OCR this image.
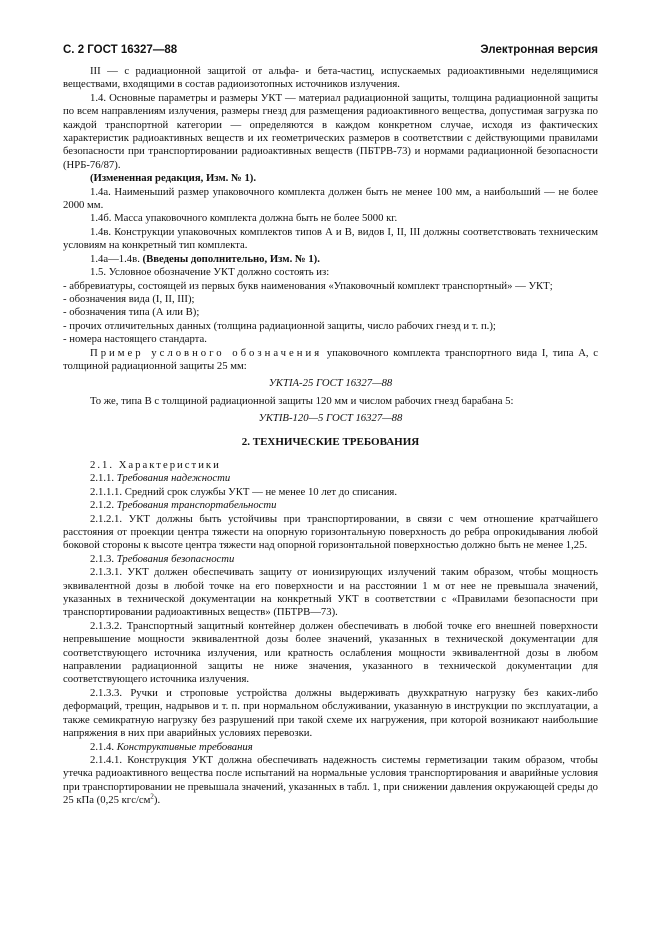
С. 2 ГОСТ 16327—88	Электронная версия

III — с радиационной защитой от альфа- и бета-частиц, испускаемых радиоактивными неделящимися веществами, входящими в состав радиоизотопных источников излучения.

1.4. Основные параметры и размеры УКТ — материал радиационной защиты, толщина радиационной защиты по всем направлениям излучения, размеры гнезд для размещения радиоактивного вещества, допустимая загрузка по каждой транспортной категории — определяются в каждом конкретном случае, исходя из фактических характеристик радиоактивных веществ и их геометрических размеров в соответствии с действующими правилами безопасности при транспортировании радиоактивных веществ (ПБТРВ-73) и нормами радиационной безопасности (НРБ-76/87).

(Измененная редакция, Изм. № 1).

1.4а. Наименьший размер упаковочного комплекта должен быть не менее 100 мм, а наибольший — не более 2000 мм.

1.4б. Масса упаковочного комплекта должна быть не более 5000 кг.

1.4в. Конструкции упаковочных комплектов типов А и В, видов I, II, III должны соответствовать техническим условиям на конкретный тип комплекта.

1.4а—1.4в. (Введены дополнительно, Изм. № 1).

1.5. Условное обозначение УКТ должно состоять из:

- аббревиатуры, состоящей из первых букв наименования «Упаковочный комплект транспортный» — УКТ;

- обозначения вида (I, II, III);

- обозначения типа (А или В);

- прочих отличительных данных (толщина радиационной защиты, число рабочих гнезд и т. п.);

- номера настоящего стандарта.

Пример условного обозначения упаковочного комплекта транспортного вида I, типа А, с толщиной радиационной защиты 25 мм:

УКТIА-25 ГОСТ 16327—88

То же, типа В с толщиной радиационной защиты 120 мм и числом рабочих гнезд барабана 5:

УКТIВ-120—5 ГОСТ 16327—88

2. ТЕХНИЧЕСКИЕ ТРЕБОВАНИЯ

2.1. Характеристики

2.1.1. Требования надежности

2.1.1.1. Средний срок службы УКТ — не менее 10 лет до списания.

2.1.2. Требования транспортабельности

2.1.2.1. УКТ должны быть устойчивы при транспортировании, в связи с чем отношение кратчайшего расстояния от проекции центра тяжести на опорную горизонтальную поверхность до ребра опрокидывания любой боковой стороны к высоте центра тяжести над опорной горизонтальной поверхностью должно быть не менее 1,25.

2.1.3. Требования безопасности

2.1.3.1. УКТ должен обеспечивать защиту от ионизирующих излучений таким образом, чтобы мощность эквивалентной дозы в любой точке на его поверхности и на расстоянии 1 м от нее не превышала значений, указанных в технической документации на конкретный УКТ в соответствии с «Правилами безопасности при транспортировании радиоактивных веществ» (ПБТРВ—73).

2.1.3.2. Транспортный защитный контейнер должен обеспечивать в любой точке его внешней поверхности непревышение мощности эквивалентной дозы более значений, указанных в технической документации для соответствующего источника излучения, или кратность ослабления мощности эквивалентной дозы в любом направлении радиационной защиты не ниже значения, указанного в технической документации для соответствующего источника излучения.

2.1.3.3. Ручки и строповые устройства должны выдерживать двухкратную нагрузку без каких-либо деформаций, трещин, надрывов и т. п. при нормальном обслуживании, указанную в инструкции по эксплуатации, а также семикратную нагрузку без разрушений при такой схеме их нагружения, при которой возникают наибольшие напряжения в них при аварийных условиях перевозки.

2.1.4. Конструктивные требования

2.1.4.1. Конструкция УКТ должна обеспечивать надежность системы герметизации таким образом, чтобы утечка радиоактивного вещества после испытаний на нормальные условия транспортирования и аварийные условия при транспортировании не превышала значений, указанных в табл. 1, при снижении давления окружающей среды до 25 кПа (0,25 кгс/$см^2$).
